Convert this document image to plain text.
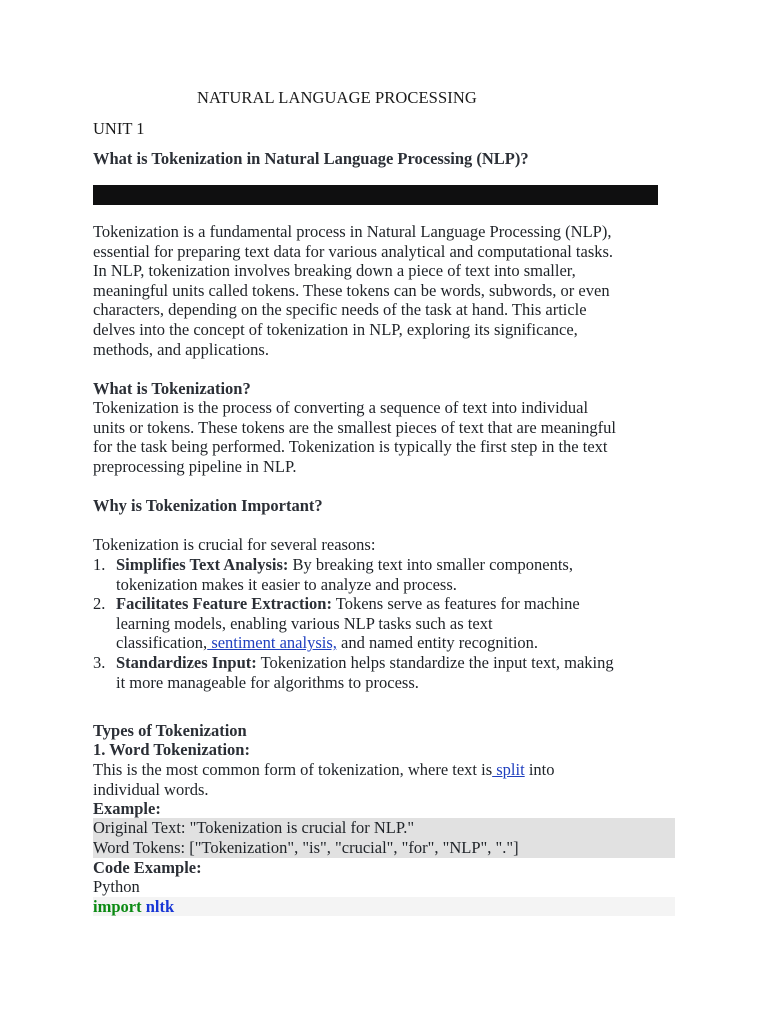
NATURAL LANGUAGE PROCESSING
UNIT 1
What is Tokenization in Natural Language Processing (NLP)?
Tokenization is a fundamental process in Natural Language Processing (NLP),
essential for preparing text data for various analytical and computational tasks.
In NLP, tokenization involves breaking down a piece of text into smaller,
meaningful units called tokens. These tokens can be words, subwords, or even
characters, depending on the specific needs of the task at hand. This article
delves into the concept of tokenization in NLP, exploring its significance,
methods, and applications.
What is Tokenization?
Tokenization is the process of converting a sequence of text into individual
units or tokens. These tokens are the smallest pieces of text that are meaningful
for the task being performed. Tokenization is typically the first step in the text
preprocessing pipeline in NLP.
Why is Tokenization Important?
Tokenization is crucial for several reasons:
1. Simplifies Text Analysis: By breaking text into smaller components,
tokenization makes it easier to analyze and process.
2. Facilitates Feature Extraction: Tokens serve as features for machine
learning models, enabling various NLP tasks such as text
classification, sentiment analysis, and named entity recognition.
3. Standardizes Input: Tokenization helps standardize the input text, making
it more manageable for algorithms to process.
Types of Tokenization
1. Word Tokenization:
This is the most common form of tokenization, where text is split into
individual words.
Example:
Original Text: "Tokenization is crucial for NLP."
Word Tokens: ["Tokenization", "is", "crucial", "for", "NLP", "."]
Code Example:
Python
import nltk
